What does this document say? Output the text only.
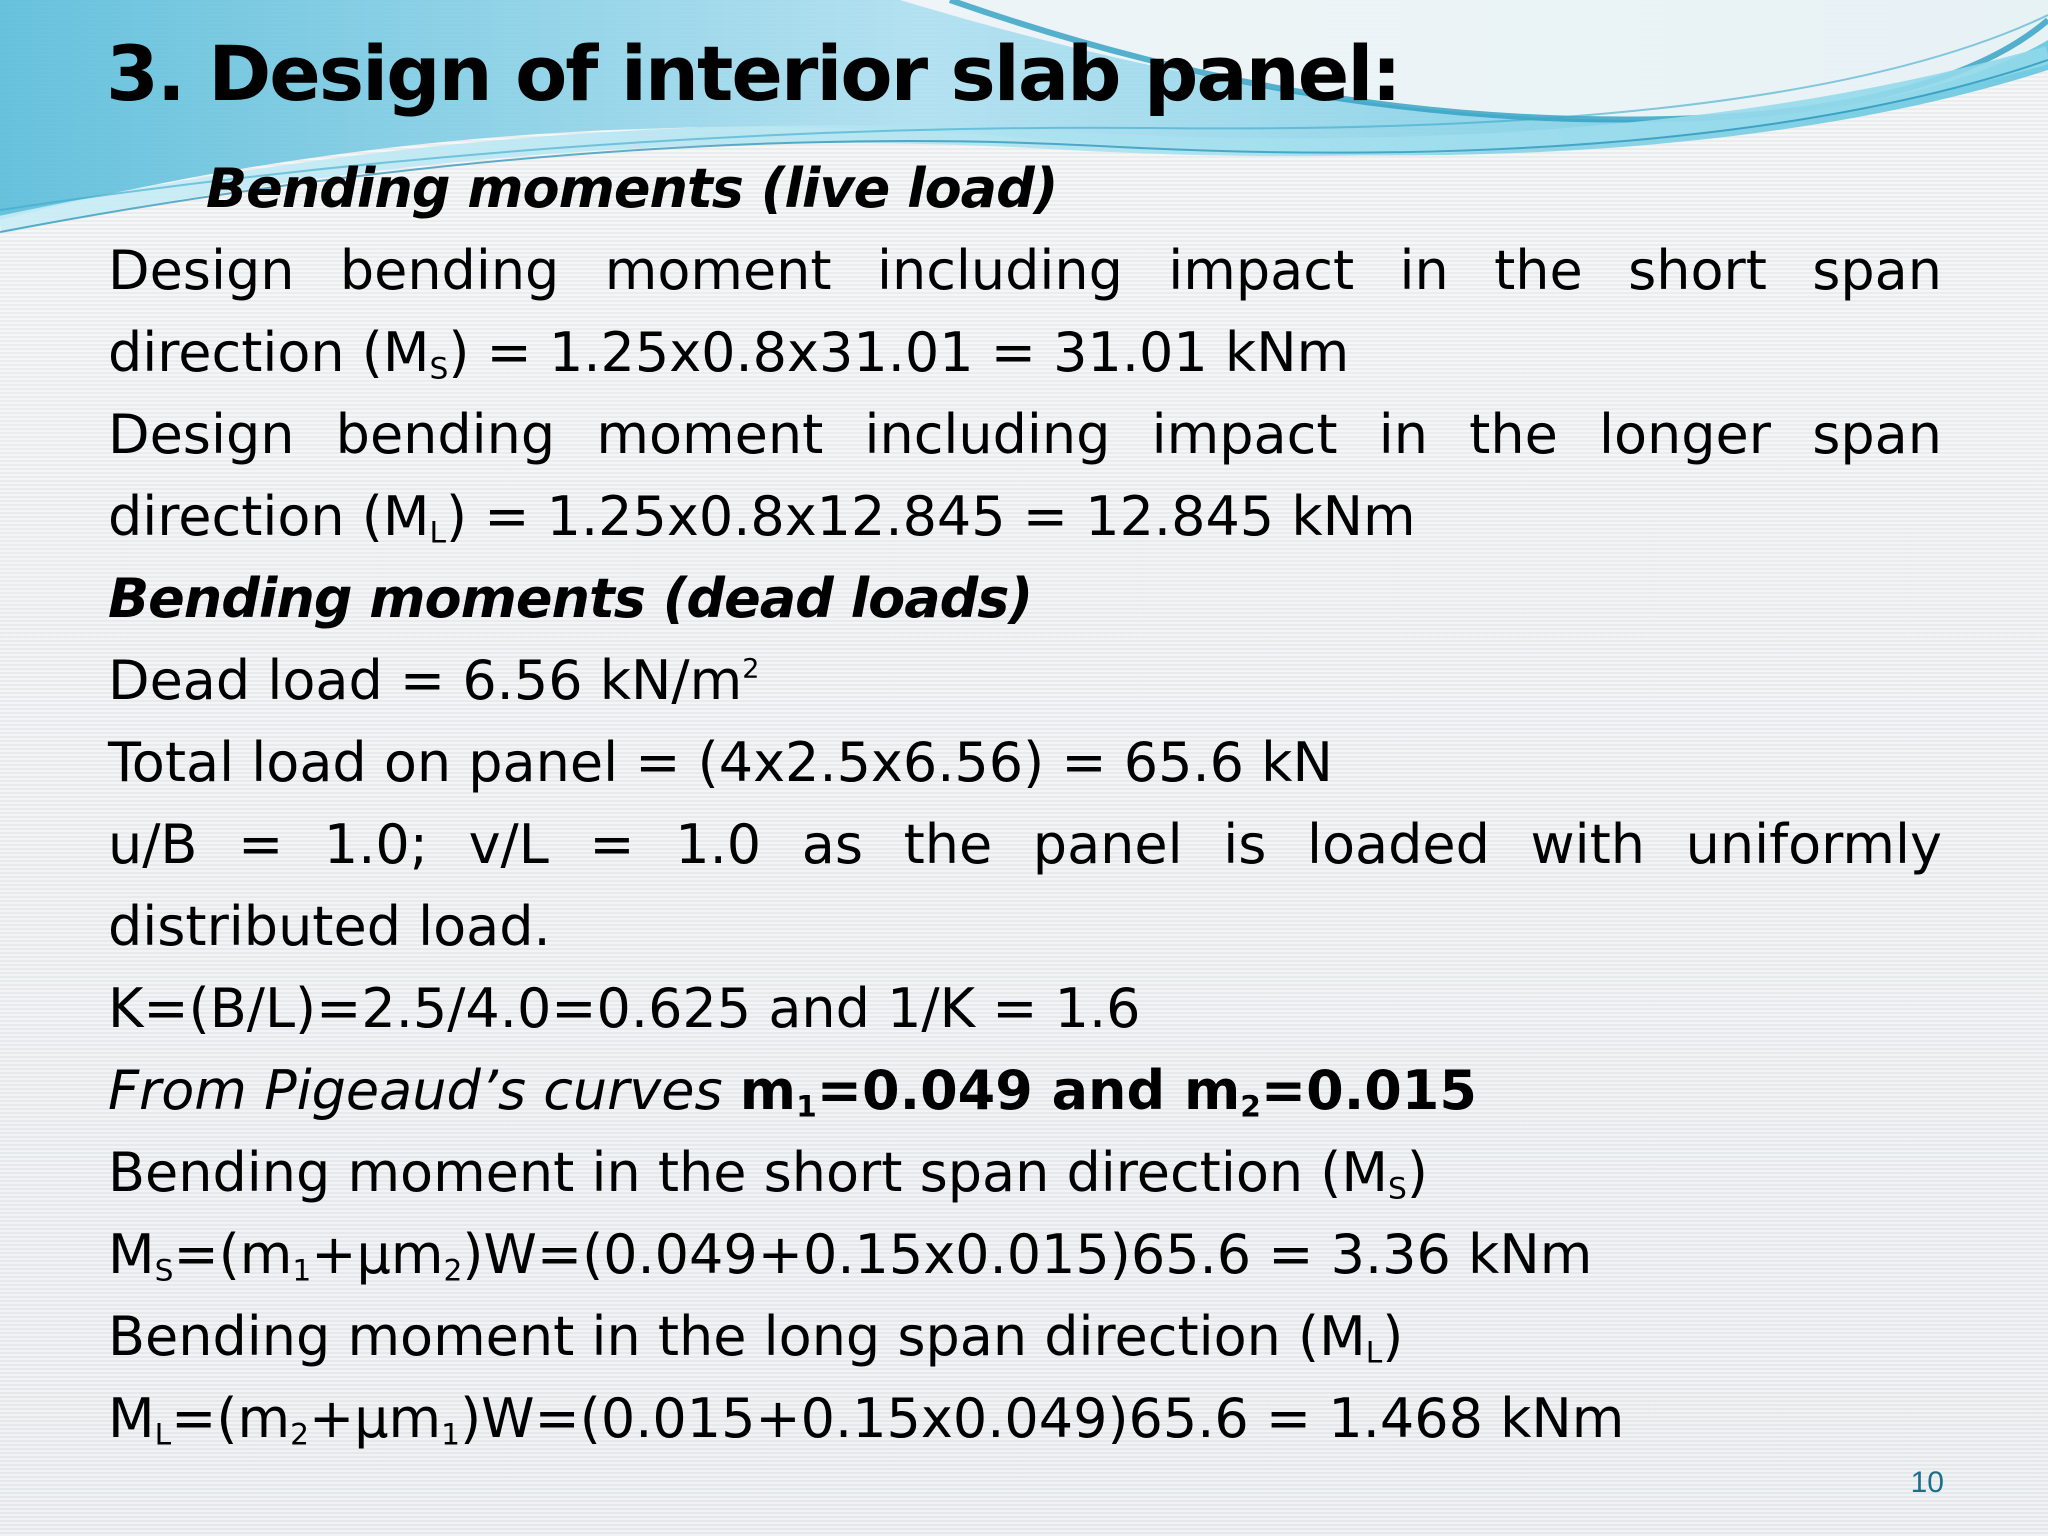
3. Design of interior slab panel:
Bending moments (live load)
Design bending moment including impact in the short span
direction $(M_S) = 1.25x0.8x31.01 = 31.01$ kNm
Design bending moment including impact in the longer span
direction $(M_L) = 1.25x0.8x12.845 = 12.845$ kNm
Bending moments (dead loads)
Dead load = 6.56 $kN/m^2$
Total load on panel = (4x2.5x6.56) = 65.6 kN
u/B = 1.0; v/L = 1.0 as the panel is loaded with uniformly
distributed load.
K=(B/L)=2.5/4.0=0.625 and 1/K = 1.6
From Pigeaud’s curves $m_1=0.049$ and $m_2=0.015$
Bending moment in the short span direction $(M_S)$
$M_S=(m_1+\mu m_2)W=(0.049+0.15x0.015)65.6 = 3.36$ kNm
Bending moment in the long span direction $(M_L)$
$M_L=(m_2+\mu m_1)W=(0.015+0.15x0.049)65.6 = 1.468$ kNm
10
